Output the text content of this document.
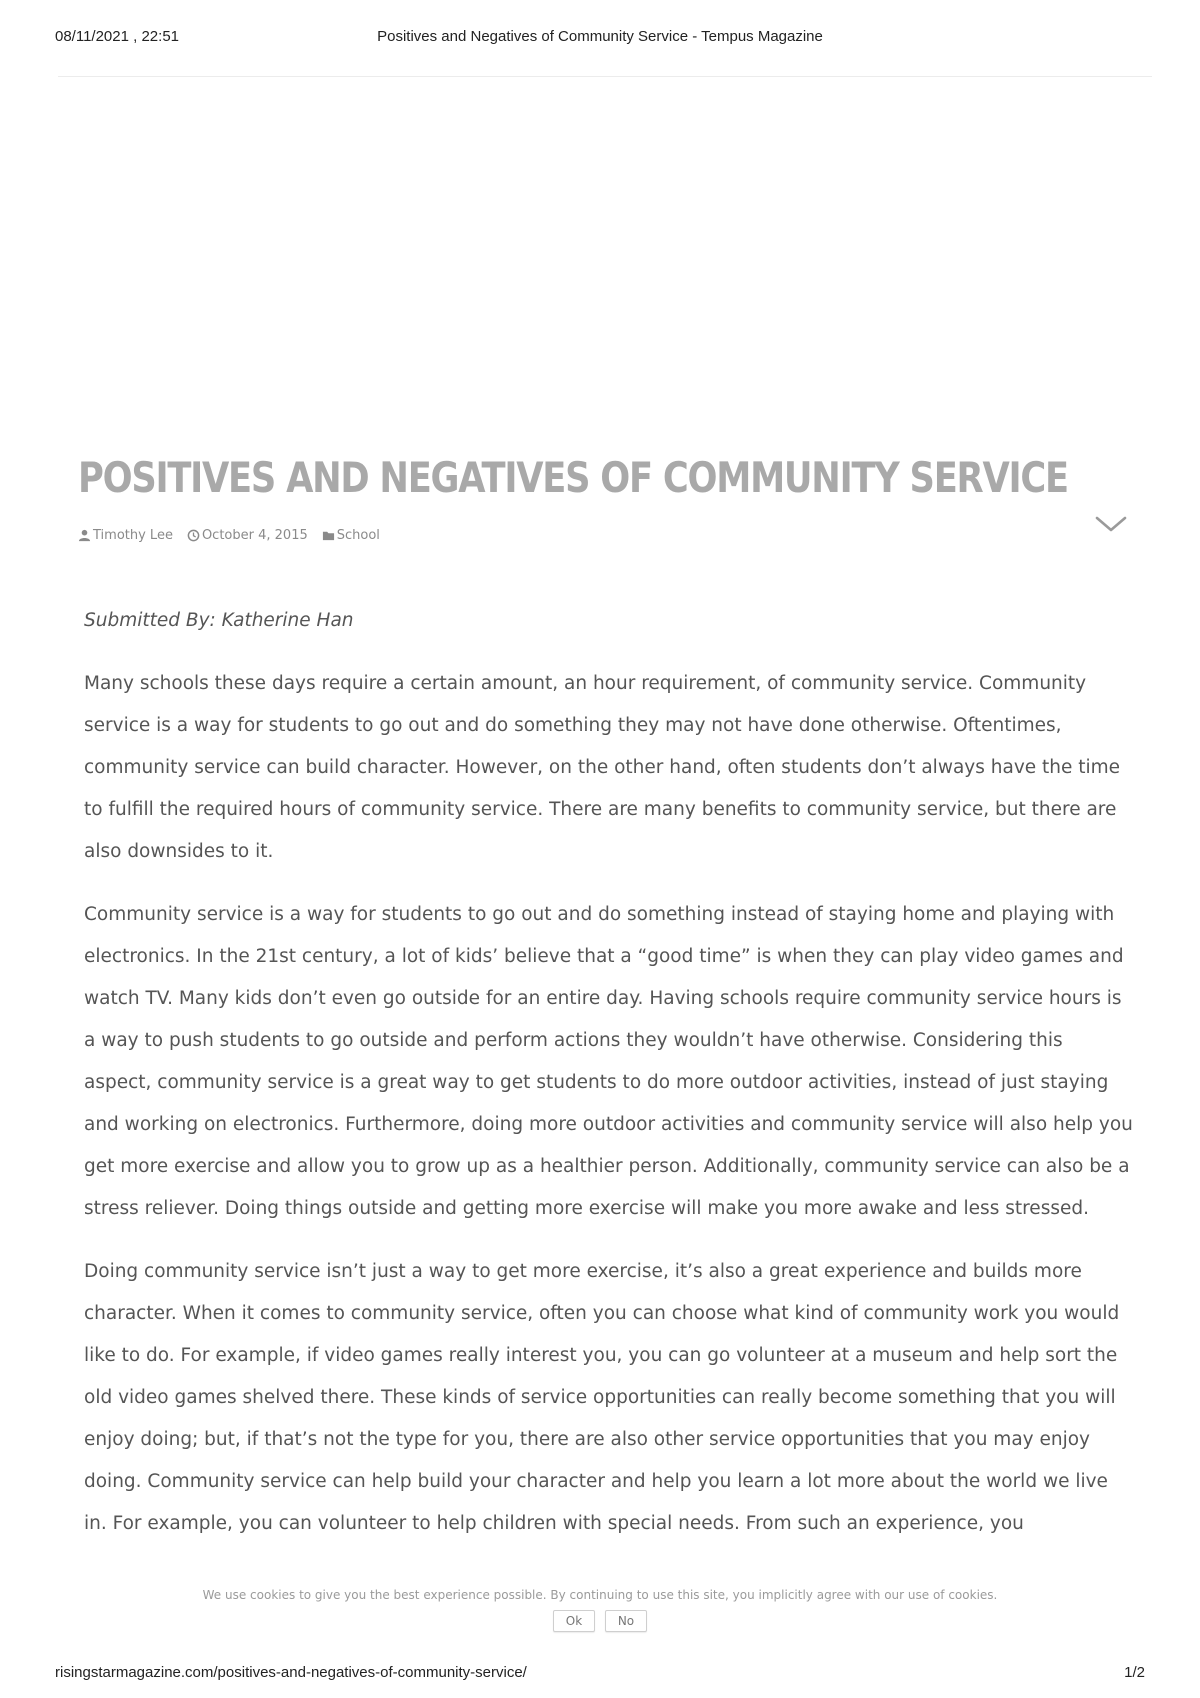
08/11/2021 , 22:51	Positives and Negatives of Community Service - Tempus Magazine
POSITIVES AND NEGATIVES OF COMMUNITY SERVICE
Timothy Lee October 4, 2015 School

Submitted By: Katherine Han

Many schools these days require a certain amount, an hour requirement, of community service. Community service is a way for students to go out and do something they may not have done otherwise. Oftentimes, community service can build character. However, on the other hand, often students don’t always have the time to fulfill the required hours of community service. There are many benefits to community service, but there are also downsides to it.

Community service is a way for students to go out and do something instead of staying home and playing with electronics. In the 21st century, a lot of kids’ believe that a “good time” is when they can play video games and watch TV. Many kids don’t even go outside for an entire day. Having schools require community service hours is a way to push students to go outside and perform actions they wouldn’t have otherwise. Considering this aspect, community service is a great way to get students to do more outdoor activities, instead of just staying and working on electronics. Furthermore, doing more outdoor activities and community service will also help you get more exercise and allow you to grow up as a healthier person. Additionally, community service can also be a stress reliever. Doing things outside and getting more exercise will make you more awake and less stressed.

Doing community service isn’t just a way to get more exercise, it’s also a great experience and builds more character. When it comes to community service, often you can choose what kind of community work you would like to do. For example, if video games really interest you, you can go volunteer at a museum and help sort the old video games shelved there. These kinds of service opportunities can really become something that you will enjoy doing; but, if that’s not the type for you, there are also other service opportunities that you may enjoy doing. Community service can help build your character and help you learn a lot more about the world we live in. For example, you can volunteer to help children with special needs. From such an experience, you

We use cookies to give you the best experience possible. By continuing to use this site, you implicitly agree with our use of cookies.
Ok	No
risingstarmagazine.com/positives-and-negatives-of-community-service/	1/2
